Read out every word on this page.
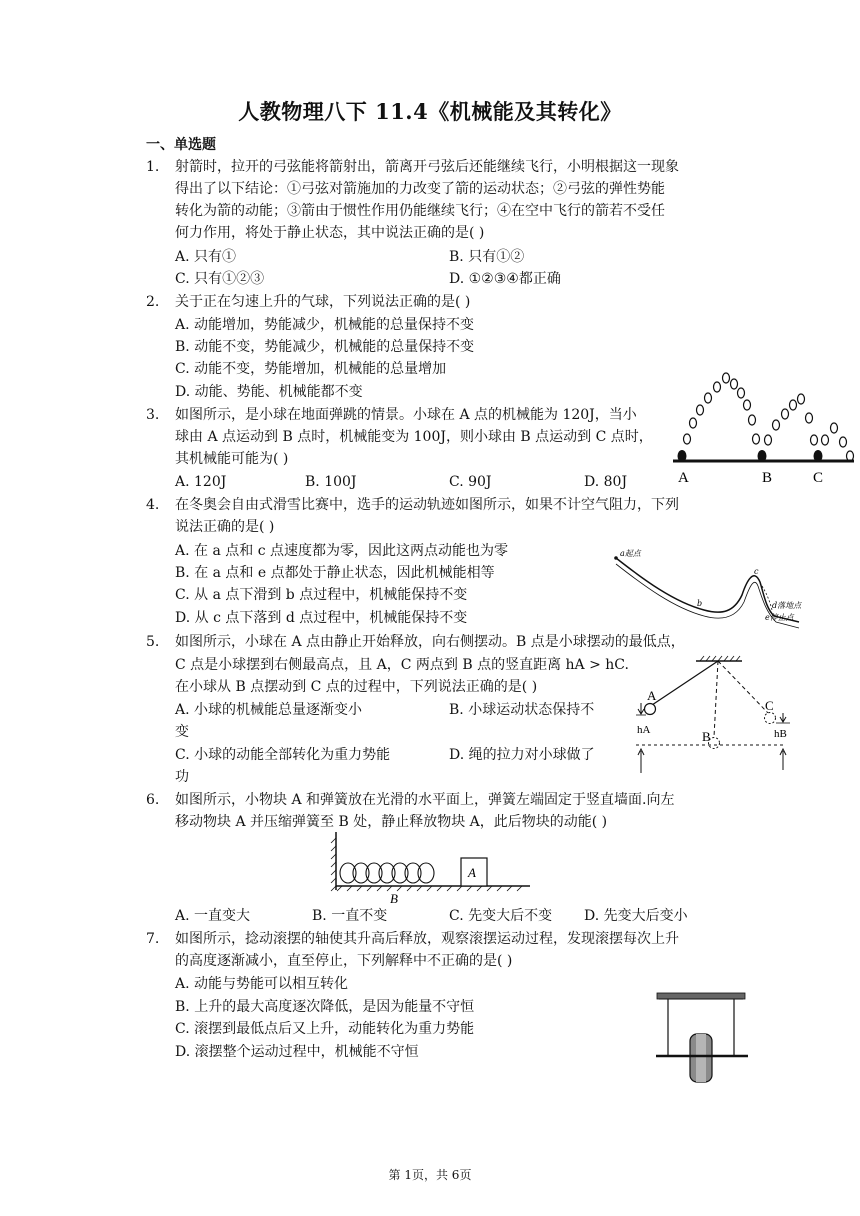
人教物理八下 11.4《机械能及其转化》
一、单选题
1. 射箭时，拉开的弓弦能将箭射出，箭离开弓弦后还能继续飞行，小明根据这一现象
得出了以下结论：①弓弦对箭施加的力改变了箭的运动状态；②弓弦的弹性势能
转化为箭的动能；③箭由于惯性作用仍能继续飞行；④在空中飞行的箭若不受任
何力作用，将处于静止状态，其中说法正确的是( )
A. 只有①	B. 只有①②
C. 只有①②③	D. ①②③④都正确
2. 关于正在匀速上升的气球，下列说法正确的是( )
A. 动能增加，势能减少，机械能的总量保持不变
B. 动能不变，势能减少，机械能的总量保持不变
C. 动能不变，势能增加，机械能的总量增加
D. 动能、势能、机械能都不变
3. 如图所示，是小球在地面弹跳的情景。小球在 A 点的机械能为 120J，当小
球由 A 点运动到 B 点时，机械能变为 100J，则小球由 B 点运动到 C 点时，
其机械能可能为( )
A. 120J	B. 100J	C. 90J	D. 80J	A	B	C
4. 在冬奥会自由式滑雪比赛中，选手的运动轨迹如图所示，如果不计空气阻力，下列
说法正确的是( )
A. 在 a 点和 c 点速度都为零，因此这两点动能也为零
B. 在 a 点和 e 点都处于静止状态，因此机械能相等
C. 从 a 点下滑到 b 点过程中，机械能保持不变
D. 从 c 点下落到 d 点过程中，机械能保持不变
a起点
b
c
d落地点
e停止点
5. 如图所示，小球在 A 点由静止开始释放，向右侧摆动。B 点是小球摆动的最低点，
C 点是小球摆到右侧最高点，且 A，C 两点到 B 点的竖直距离 hA > hC.
在小球从 B 点摆动到 C 点的过程中，下列说法正确的是( )
A. 小球的机械能总量逐渐变小	B. 小球运动状态保持不
变
C. 小球的动能全部转化为重力势能	D. 绳的拉力对小球做了
功
A
B
C
hA	hB
6. 如图所示，小物块 A 和弹簧放在光滑的水平面上，弹簧左端固定于竖直墙面.向左
移动物块 A 并压缩弹簧至 B 处，静止释放物块 A，此后物块的动能( )
A
B
A. 一直变大	B. 一直不变	C. 先变大后不变 D. 先变大后变小
7. 如图所示，捻动滚摆的轴使其升高后释放，观察滚摆运动过程，发现滚摆每次上升
的高度逐渐减小，直至停止，下列解释中不正确的是( )
A. 动能与势能可以相互转化
B. 上升的最大高度逐次降低，是因为能量不守恒
C. 滚摆到最低点后又上升，动能转化为重力势能
D. 滚摆整个运动过程中，机械能不守恒
第 1页，共 6页
